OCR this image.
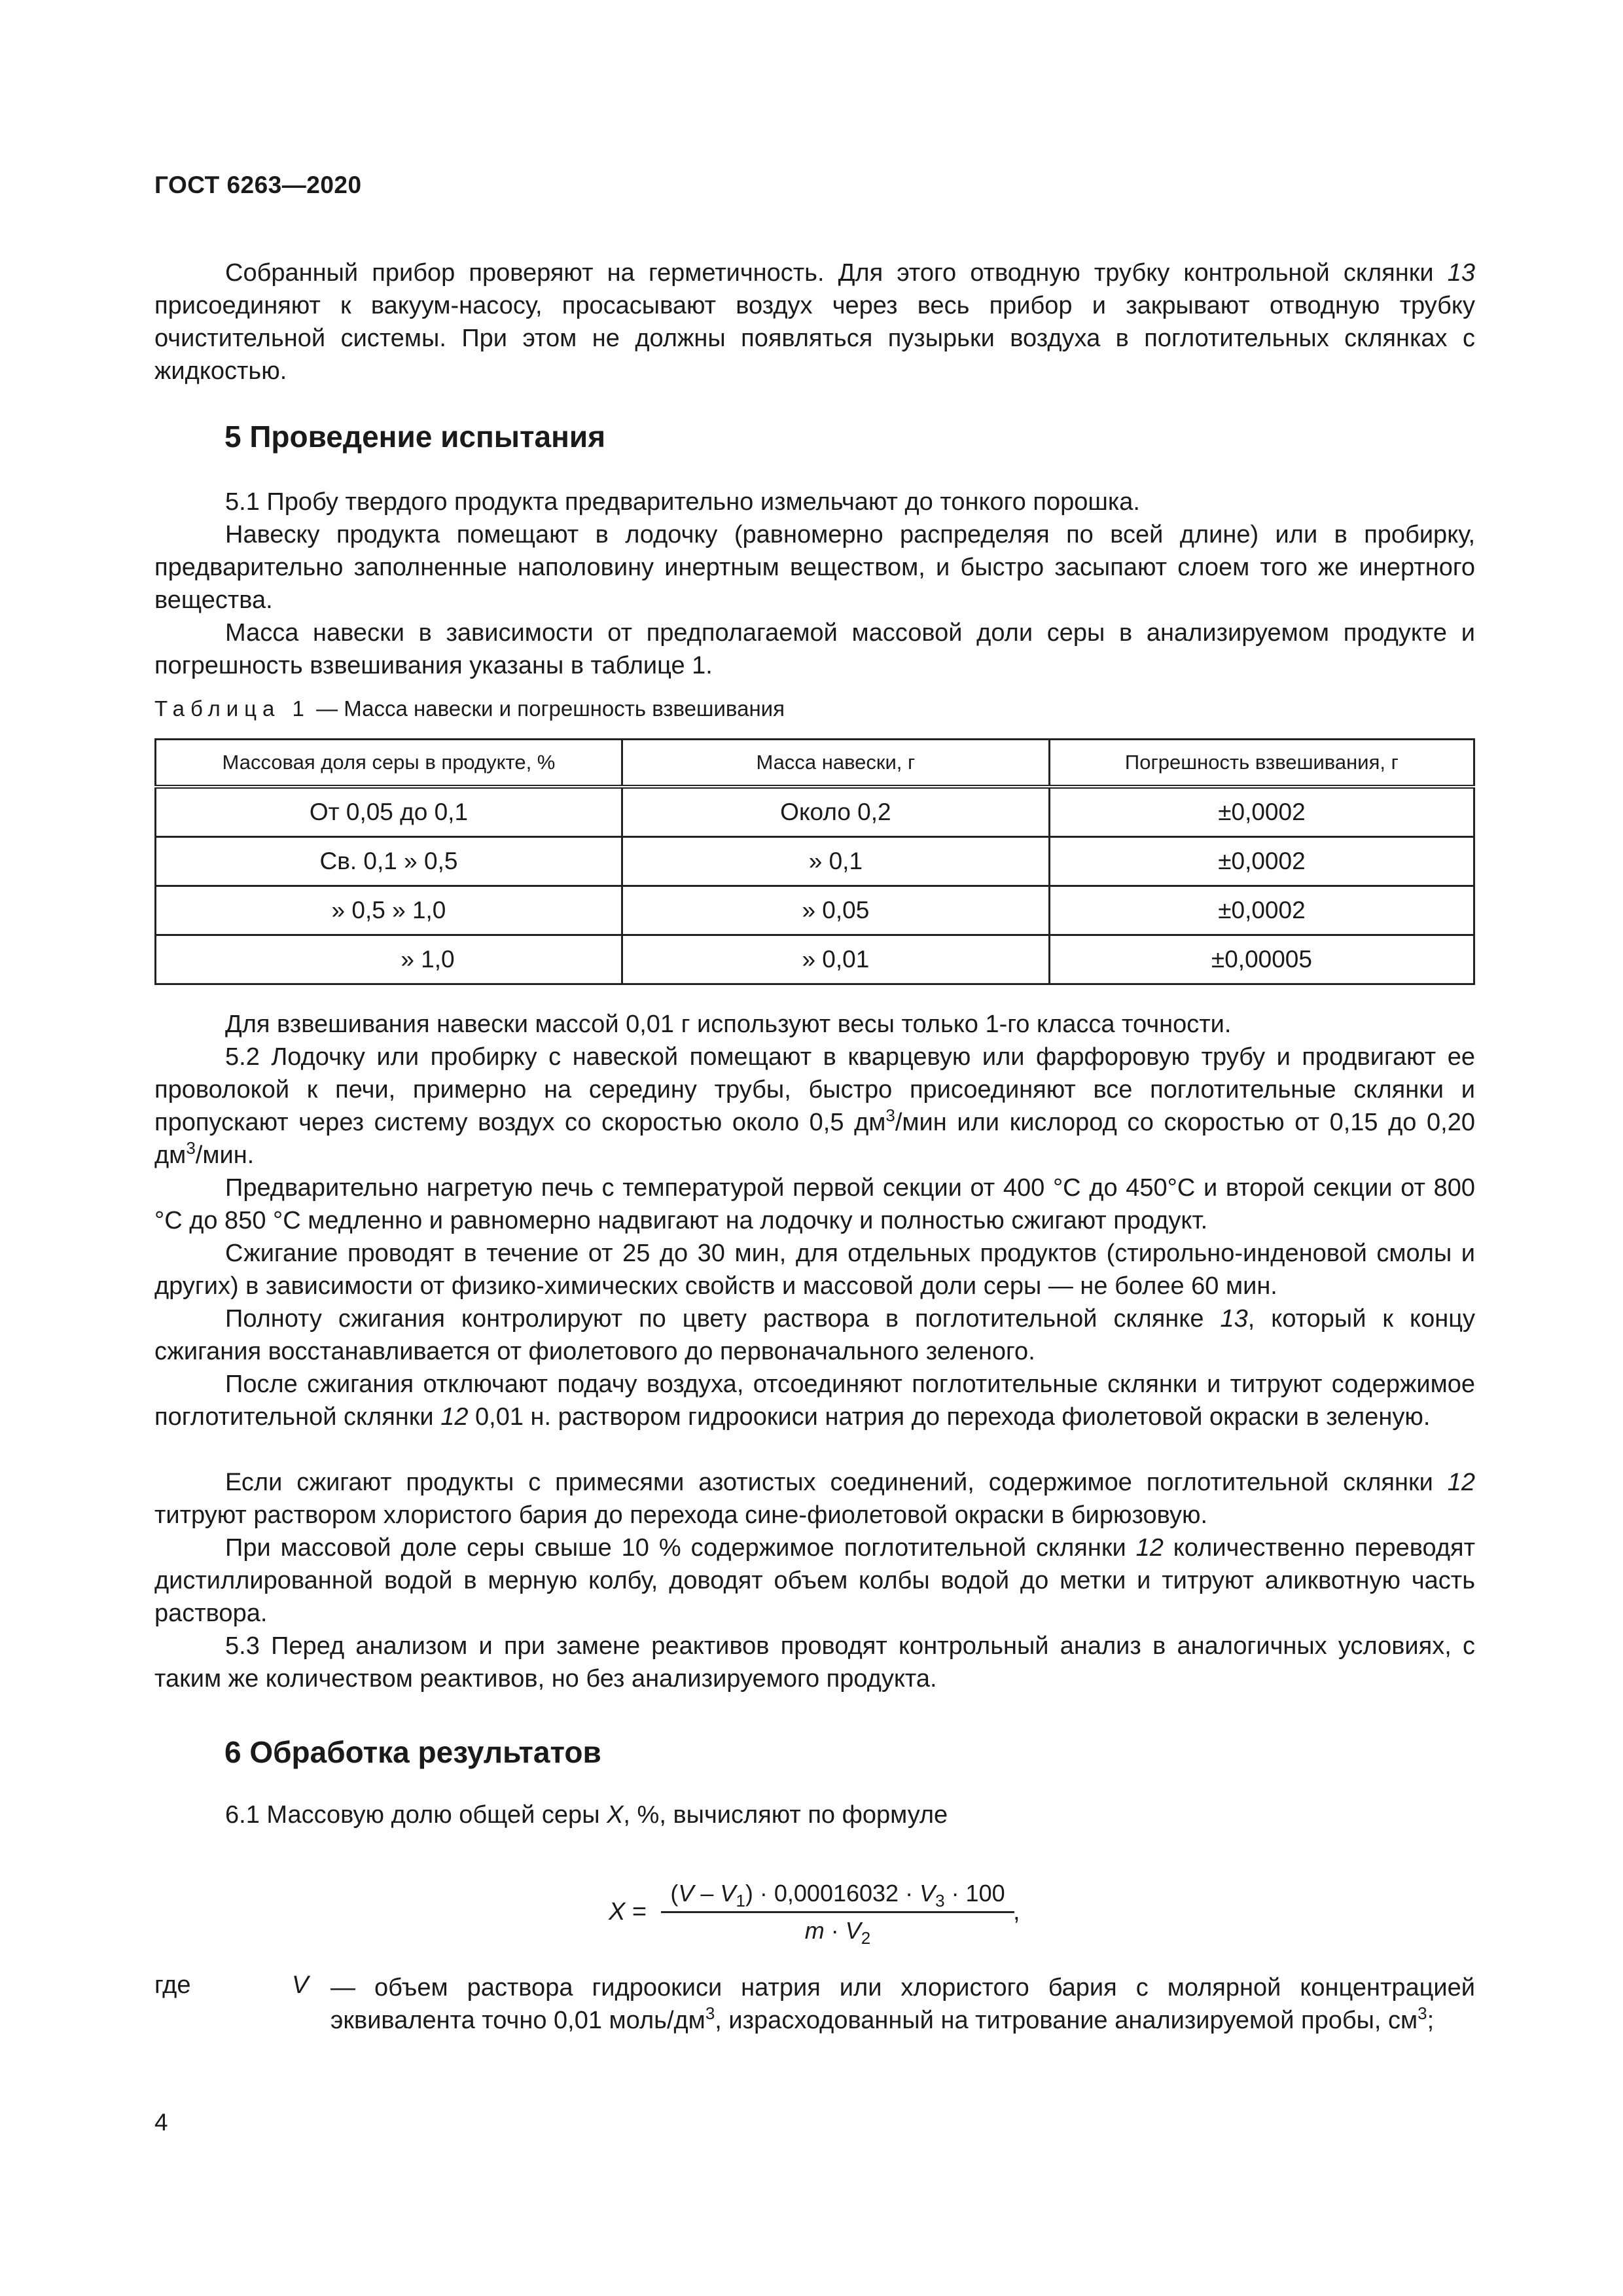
ГОСТ 6263—2020

Собранный прибор проверяют на герметичность. Для этого отводную трубку контрольной склянки 13 присоединяют к вакуум-насосу, просасывают воздух через весь прибор и закрывают отводную трубку очистительной системы. При этом не должны появляться пузырьки воздуха в поглотительных склянках с жидкостью.

5 Проведение испытания

5.1 Пробу твердого продукта предварительно измельчают до тонкого порошка.

Навеску продукта помещают в лодочку (равномерно распределяя по всей длине) или в пробирку, предварительно заполненные наполовину инертным веществом, и быстро засыпают слоем того же инертного вещества.

Масса навески в зависимости от предполагаемой массовой доли серы в анализируемом продукте и погрешность взвешивания указаны в таблице 1.

Таблица 1 — Масса навески и погрешность взвешивания
Массовая доля серы в продукте, %	Масса навески, г	Погрешность взвешивания, г
От 0,05 до 0,1	Около 0,2	±0,0002
Св. 0,1 » 0,5	» 0,1	±0,0002
» 0,5 » 1,0	» 0,05	±0,0002
» 1,0	» 0,01	±0,00005

Для взвешивания навески массой 0,01 г используют весы только 1-го класса точности.

5.2 Лодочку или пробирку с навеской помещают в кварцевую или фарфоровую трубу и продвигают ее проволокой к печи, примерно на середину трубы, быстро присоединяют все поглотительные склянки и пропускают через систему воздух со скоростью около 0,5 $дм^3$/мин или кислород со скоростью от 0,15 до 0,20 $дм^3$/мин.

Предварительно нагретую печь с температурой первой секции от 400 °С до 450°С и второй секции от 800 °С до 850 °С медленно и равномерно надвигают на лодочку и полностью сжигают продукт.

Сжигание проводят в течение от 25 до 30 мин, для отдельных продуктов (стирольно-инденовой смолы и других) в зависимости от физико-химических свойств и массовой доли серы — не более 60 мин.

Полноту сжигания контролируют по цвету раствора в поглотительной склянке 13, который к концу сжигания восстанавливается от фиолетового до первоначального зеленого.

После сжигания отключают подачу воздуха, отсоединяют поглотительные склянки и титруют содержимое поглотительной склянки 12 0,01 н. раствором гидроокиси натрия до перехода фиолетовой окраски в зеленую.

Если сжигают продукты с примесями азотистых соединений, содержимое поглотительной склянки 12 титруют раствором хлористого бария до перехода сине-фиолетовой окраски в бирюзовую.

При массовой доле серы свыше 10 % содержимое поглотительной склянки 12 количественно переводят дистиллированной водой в мерную колбу, доводят объем колбы водой до метки и титруют аликвотную часть раствора.

5.3 Перед анализом и при замене реактивов проводят контрольный анализ в аналогичных условиях, с таким же количеством реактивов, но без анализируемого продукта.

6 Обработка результатов

6.1 Массовую долю общей серы X, %, вычисляют по формуле

$X = \frac{(V - V_1) \cdot 0,00016032 \cdot V_3 \cdot 100}{m \cdot V_2}$
,
где	V — объем раствора гидроокиси натрия или хлористого бария с молярной концентрацией эквивалента точно 0,01 моль/$дм^3$, израсходованный на титрование анализируемой пробы, $см^3$;
4
